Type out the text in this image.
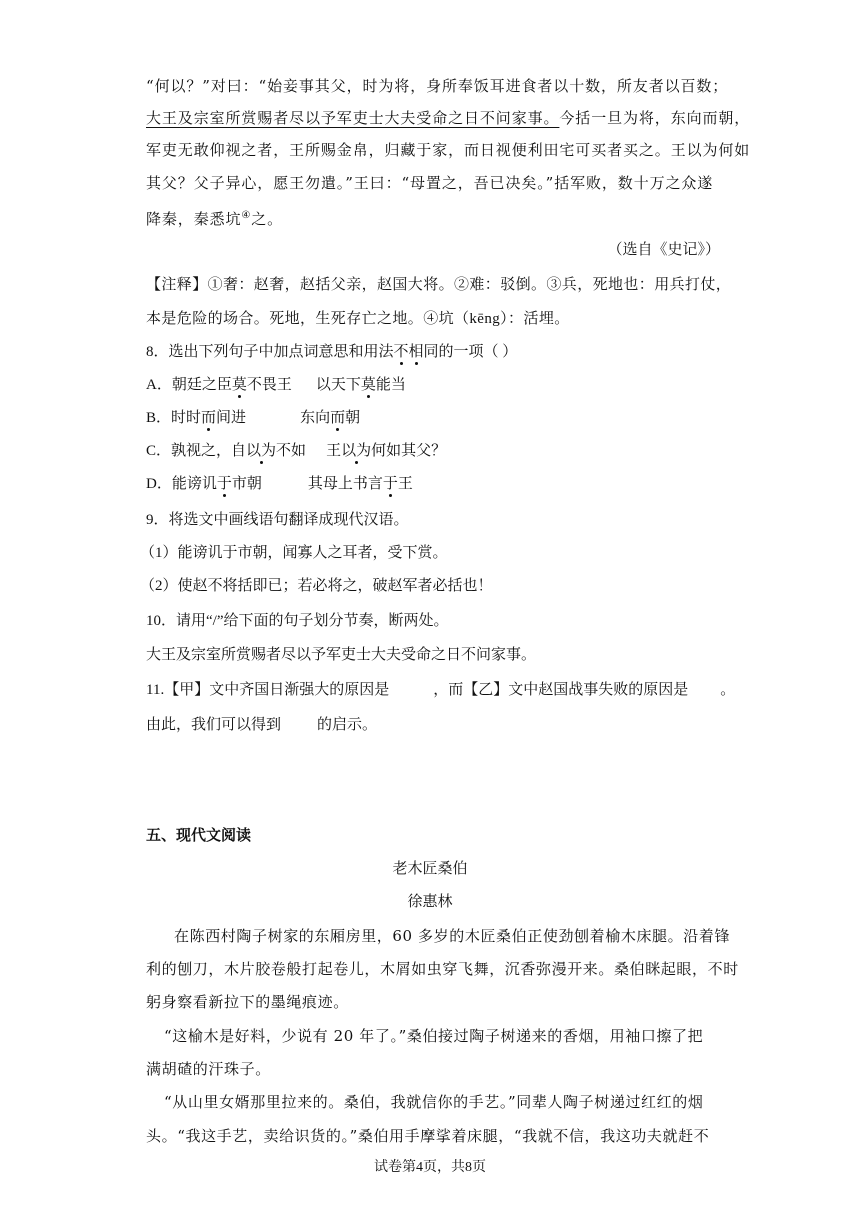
“何以？”对曰：“始妾事其父，时为将，身所奉饭耳进食者以十数，所友者以百数；
大王及宗室所赏赐者尽以予军吏士大夫受命之日不问家事。今括一旦为将，东向而朝，
军吏无敢仰视之者，王所赐金帛，归藏于家，而日视便利田宅可买者买之。王以为何如
其父？父子异心，愿王勿遣。”王曰：“母置之，吾已决矣。”括军败，数十万之众遂
降秦，秦悉坑④之。
（选自《史记》）
【注释】①奢：赵奢，赵括父亲，赵国大将。②难：驳倒。③兵，死地也：用兵打仗，
本是危险的场合。死地，生死存亡之地。④坑（kēng）：活埋。
8．选出下列句子中加点词意思和用法不相同的一项（ ）
A．朝廷之臣莫不畏王 以天下莫能当
B．时时而间进	东向而朝
C．孰视之，自以为不如 王以为何如其父？
D．能谤讥于市朝	其母上书言于王
9．将选文中画线语句翻译成现代汉语。
（1）能谤讥于市朝，闻寡人之耳者，受下赏。
（2）使赵不将括即已；若必将之，破赵军者必括也！
10．请用“/”给下面的句子划分节奏，断两处。
大王及宗室所赏赐者尽以予军吏士大夫受命之日不问家事。
11.【甲】文中齐国日渐强大的原因是	，而【乙】文中赵国战事失败的原因是 。
由此，我们可以得到 的启示。
五、现代文阅读
老木匠桑伯
徐惠林
在陈西村陶子树家的东厢房里，60 多岁的木匠桑伯正使劲刨着榆木床腿。沿着锋
利的刨刀，木片胶卷般打起卷儿，木屑如虫穿飞舞，沉香弥漫开来。桑伯眯起眼，不时
躬身察看新拉下的墨绳痕迹。
“这榆木是好料，少说有 20 年了。”桑伯接过陶子树递来的香烟，用袖口擦了把
满胡碴的汗珠子。
“从山里女婿那里拉来的。桑伯，我就信你的手艺。”同辈人陶子树递过红红的烟
头。“我这手艺，卖给识货的。”桑伯用手摩挲着床腿，“我就不信，我这功夫就赶不
试卷第4页，共8页
